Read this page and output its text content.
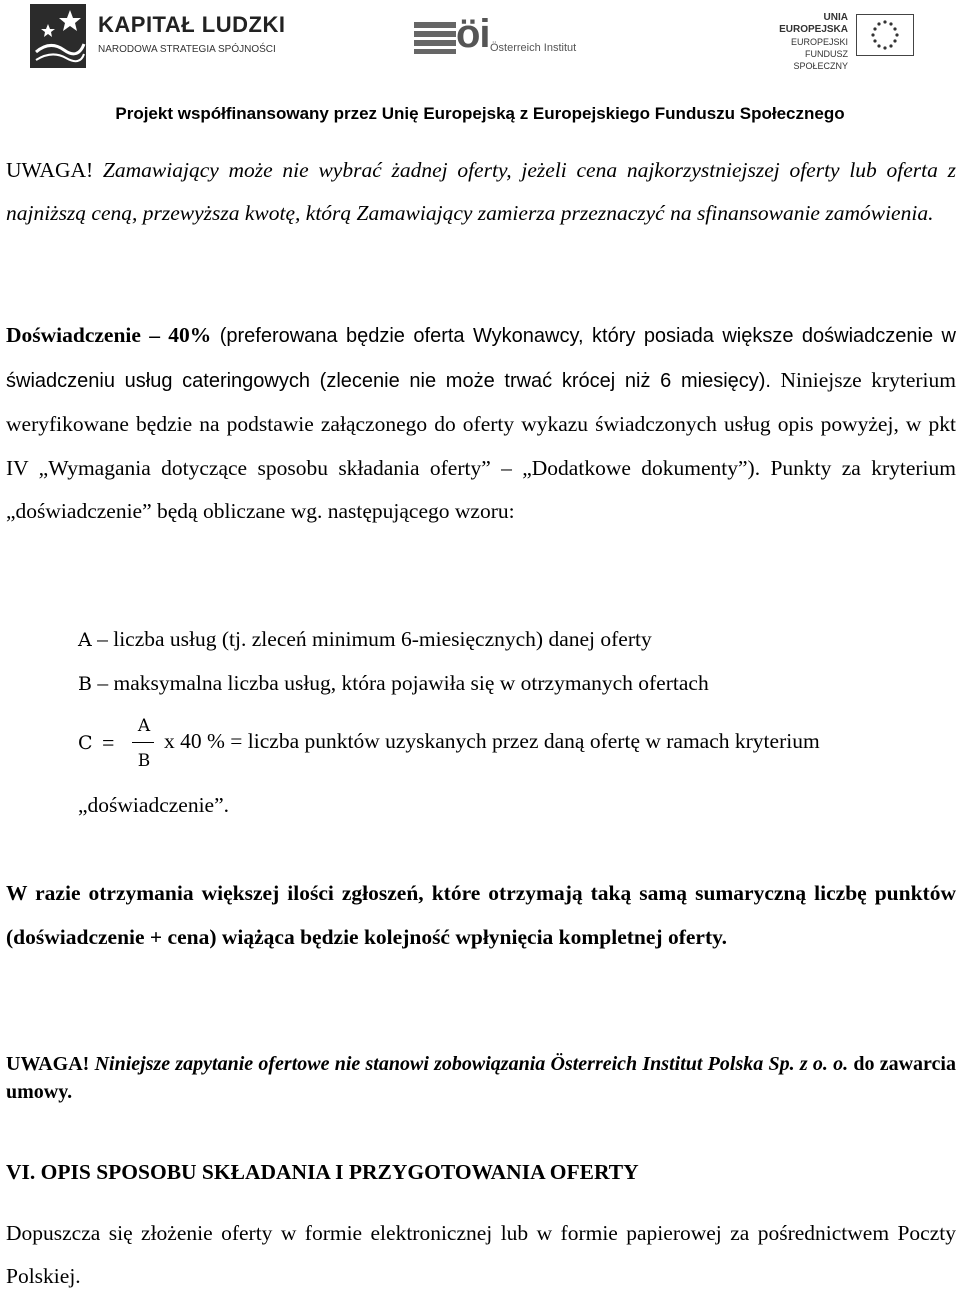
KAPITAŁ LUDZKI
NARODOWA STRATEGIA SPÓJNOŚCI	öi Österreich Institut
UNIA EUROPEJSKA
EUROPEJSKI
FUNDUSZ SPOŁECZNY
Projekt współfinansowany przez Unię Europejską z Europejskiego Funduszu Społecznego

UWAGA! Zamawiający może nie wybrać żadnej oferty, jeżeli cena najkorzystniejszej oferty lub oferta z najniższą ceną, przewyższa kwotę, którą Zamawiający zamierza przeznaczyć na sfinansowanie zamówienia.

Doświadczenie – 40% (preferowana będzie oferta Wykonawcy, który posiada większe doświadczenie w świadczeniu usług cateringowych (zlecenie nie może trwać krócej niż 6 miesięcy). Niniejsze kryterium weryfikowane będzie na podstawie załączonego do oferty wykazu świadczonych usług opis powyżej, w pkt IV „Wymagania dotyczące sposobu składania oferty” – „Dodatkowe dokumenty”). Punkty za kryterium „doświadczenie” będą obliczane wg. następującego wzoru:

A – liczba usług (tj. zleceń minimum 6-miesięcznych) danej oferty
B – maksymalna liczba usług, która pojawiła się w otrzymanych ofertach
C =
A
B
x 40 % = liczba punktów uzyskanych przez daną ofertę w ramach kryterium
„doświadczenie”.

W razie otrzymania większej ilości zgłoszeń, które otrzymają taką samą sumaryczną liczbę punktów (doświadczenie + cena) wiążąca będzie kolejność wpłynięcia kompletnej oferty.

UWAGA! Niniejsze zapytanie ofertowe nie stanowi zobowiązania Österreich Institut Polska Sp. z o. o. do zawarcia umowy.

VI. OPIS SPOSOBU SKŁADANIA I PRZYGOTOWANIA OFERTY

Dopuszcza się złożenie oferty w formie elektronicznej lub w formie papierowej za pośrednictwem Poczty Polskiej.
